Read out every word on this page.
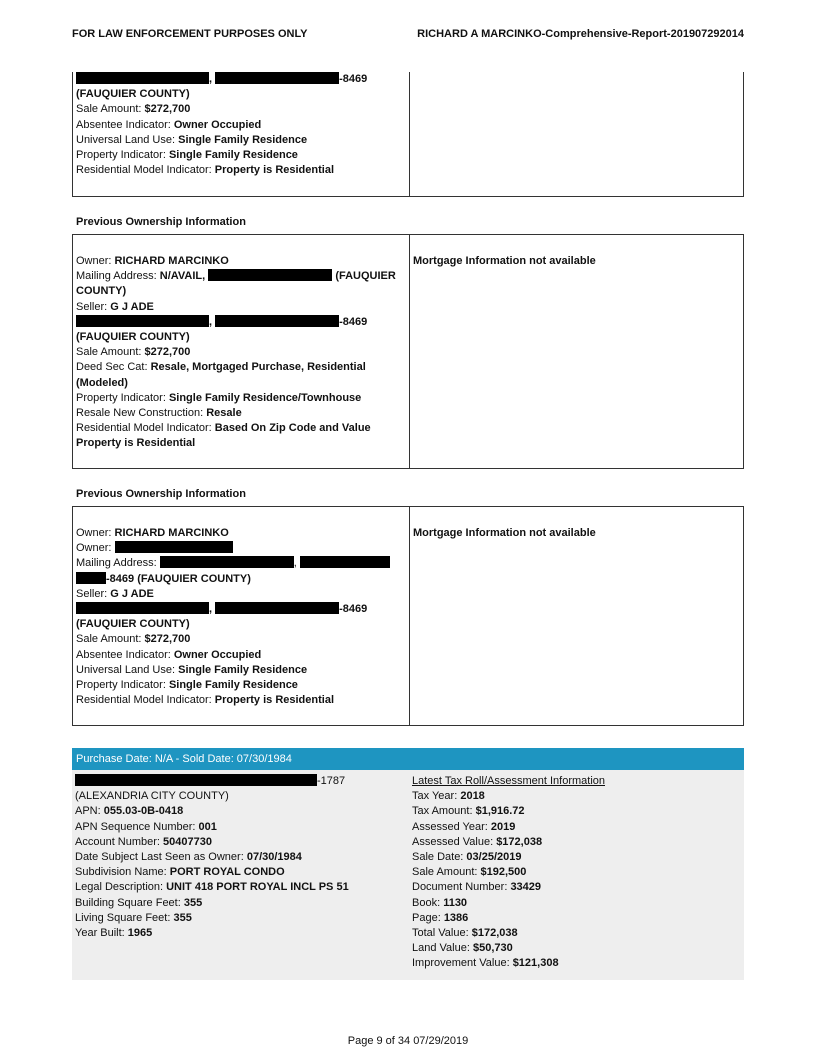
FOR LAW ENFORCEMENT PURPOSES ONLY	RICHARD A MARCINKO-Comprehensive-Report-201907292014
,	-8469
(FAUQUIER COUNTY)
Sale Amount: $272,700
Absentee Indicator: Owner Occupied
Universal Land Use: Single Family Residence
Property Indicator: Single Family Residence
Residential Model Indicator: Property is Residential
Previous Ownership Information
Owner: RICHARD MARCINKO
Mailing Address: N/AVAIL,	(FAUQUIER
COUNTY)
Seller: G J ADE
,	-8469
(FAUQUIER COUNTY)
Sale Amount: $272,700
Deed Sec Cat: Resale, Mortgaged Purchase, Residential
(Modeled)
Property Indicator: Single Family Residence/Townhouse
Resale New Construction: Resale
Residential Model Indicator: Based On Zip Code and Value
Property is Residential
Mortgage Information not available
Previous Ownership Information
Owner: RICHARD MARCINKO
Owner:
Mailing Address:	,
-8469 (FAUQUIER COUNTY)
Seller: G J ADE
,	-8469
(FAUQUIER COUNTY)
Sale Amount: $272,700
Absentee Indicator: Owner Occupied
Universal Land Use: Single Family Residence
Property Indicator: Single Family Residence
Residential Model Indicator: Property is Residential
Mortgage Information not available
Purchase Date: N/A - Sold Date: 07/30/1984
-1787
(ALEXANDRIA CITY COUNTY)
APN: 055.03-0B-0418
APN Sequence Number: 001
Account Number: 50407730
Date Subject Last Seen as Owner: 07/30/1984
Subdivision Name: PORT ROYAL CONDO
Legal Description: UNIT 418 PORT ROYAL INCL PS 51
Building Square Feet: 355
Living Square Feet: 355
Year Built: 1965
Latest Tax Roll/Assessment Information
Tax Year: 2018
Tax Amount: $1,916.72
Assessed Year: 2019
Assessed Value: $172,038
Sale Date: 03/25/2019
Sale Amount: $192,500
Document Number: 33429
Book: 1130
Page: 1386
Total Value: $172,038
Land Value: $50,730
Improvement Value: $121,308
Page 9 of 34 07/29/2019
